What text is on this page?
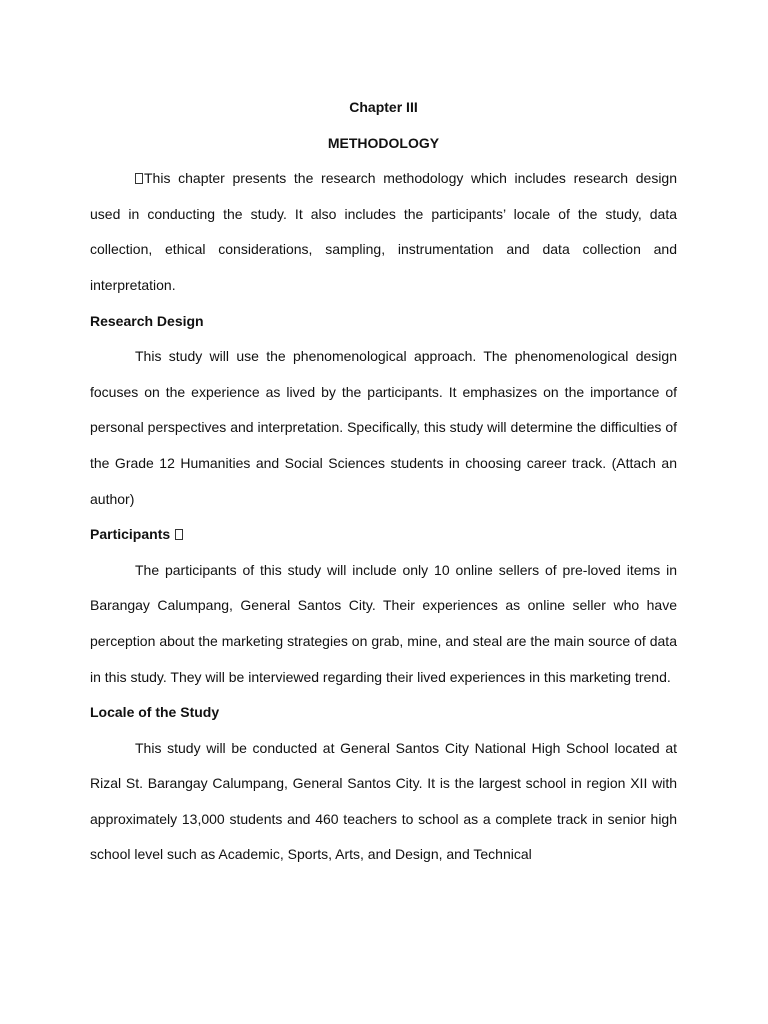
Chapter III
METHODOLOGY

This chapter presents the research methodology which includes research design used in conducting the study. It also includes the participants’ locale of the study, data collection, ethical considerations, sampling, instrumentation and data collection and interpretation.

Research Design

This study will use the phenomenological approach. The phenomenological design focuses on the experience as lived by the participants. It emphasizes on the importance of personal perspectives and interpretation. Specifically, this study will determine the difficulties of the Grade 12 Humanities and Social Sciences students in choosing career track. (Attach an author)

Participants

The participants of this study will include only 10 online sellers of pre-loved items in Barangay Calumpang, General Santos City. Their experiences as online seller who have perception about the marketing strategies on grab, mine, and steal are the main source of data in this study. They will be interviewed regarding their lived experiences in this marketing trend.

Locale of the Study

This study will be conducted at General Santos City National High School located at Rizal St. Barangay Calumpang, General Santos City. It is the largest school in region XII with approximately 13,000 students and 460 teachers to school as a complete track in senior high school level such as Academic, Sports, Arts, and Design, and Technical
